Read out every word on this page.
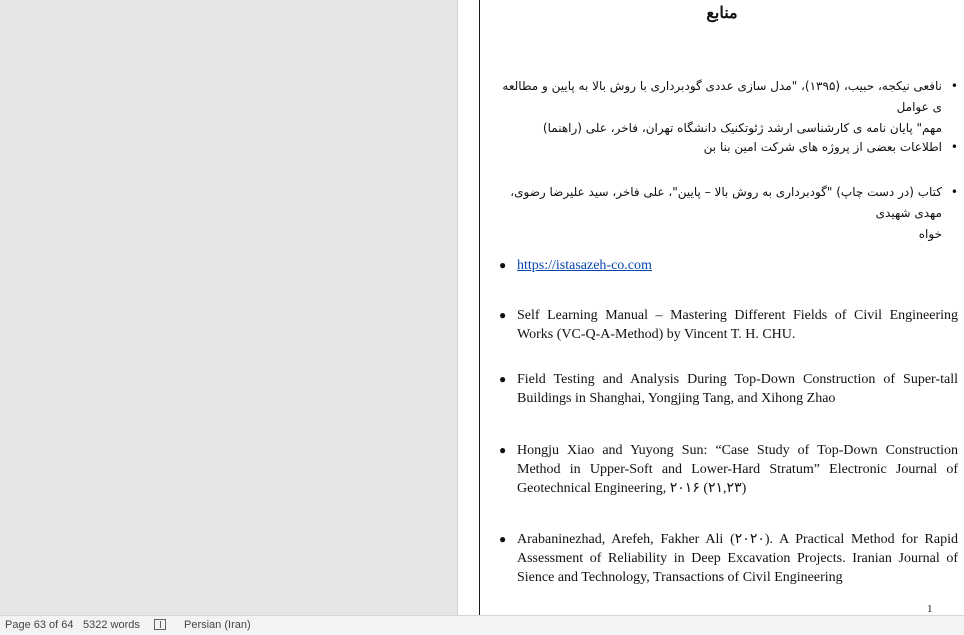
منابع
•
نافعی نیکجه، حبیب، (۱۳۹۵)، "مدل سازی عددی گودبرداری با روش بالا به پایین و مطالعه ی عوامل
مهم" پایان نامه ی کارشناسی ارشد ژئوتکنیک دانشگاه تهران، فاخر، علی (راهنما)
•
اطلاعات بعضی از پروژه های شرکت امین بنا بن
•
کتاب (در دست چاپ) "گودبرداری به روش بالا – پایین"، علی فاخر، سید علیرضا رضوی، مهدی شهیدی
خواه
● https://istasazeh-co.com
● Self Learning Manual – Mastering Different Fields of Civil Engineering Works (VC-Q-A-Method) by Vincent T. H. CHU.
● Field Testing and Analysis During Top-Down Construction of Super-tall Buildings in Shanghai, Yongjing Tang, and Xihong Zhao
● Hongju Xiao and Yuyong Sun: “Case Study of Top-Down Construction Method in Upper-Soft and Lower-Hard Stratum” Electronic Journal of Geotechnical Engineering, ۲۰۱۶ (۲۱,۲۳)
● Arabaninezhad, Arefeh, Fakher Ali (۲۰۲۰). A Practical Method for Rapid Assessment of Reliability in Deep Excavation Projects. Iranian Journal of Sience and Technology, Transactions of Civil Engineering
1
Page 63 of 64 5322 words	Persian (Iran)
